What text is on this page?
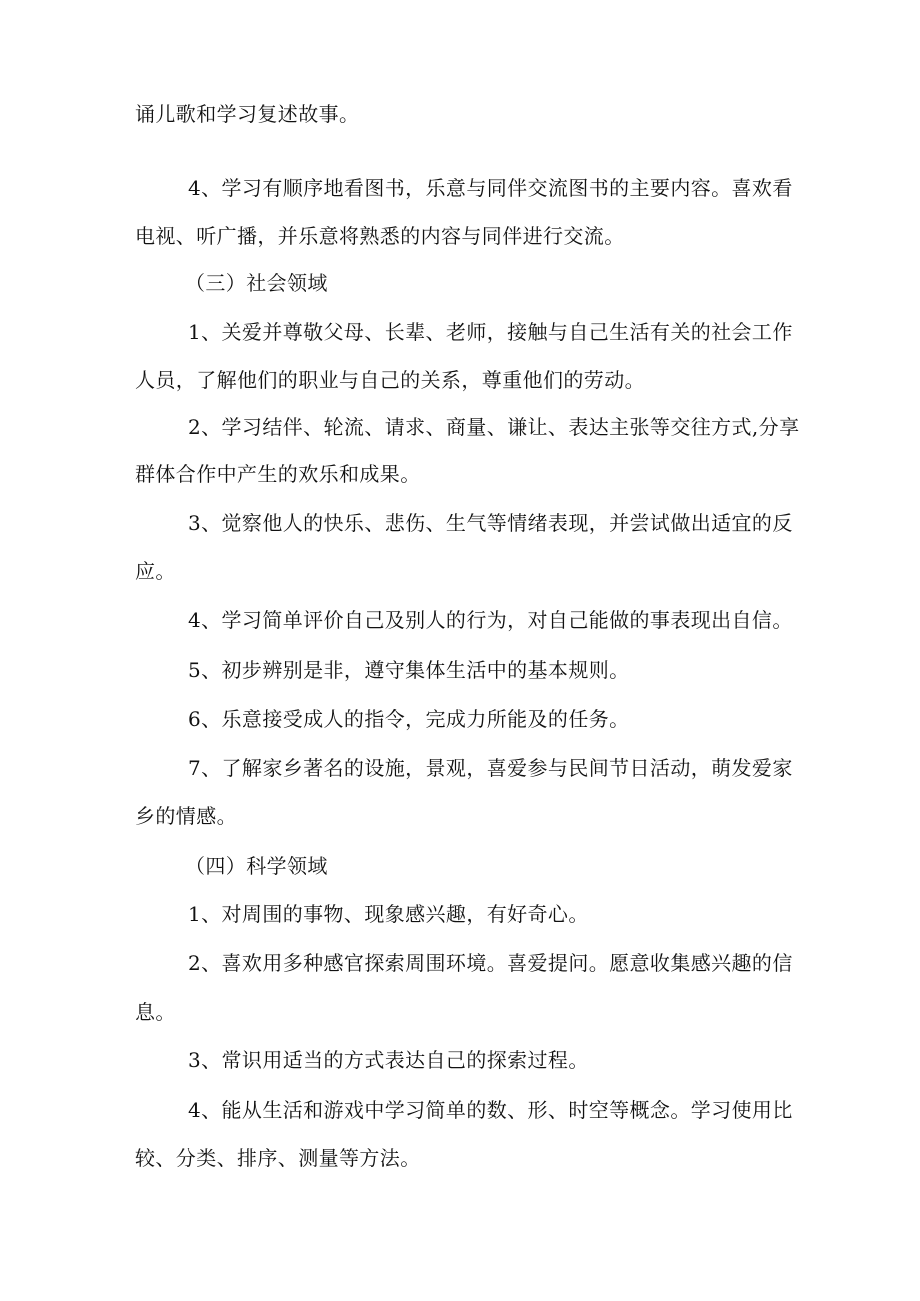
诵儿歌和学习复述故事。

4、学习有顺序地看图书，乐意与同伴交流图书的主要内容。喜欢看

电视、听广播，并乐意将熟悉的内容与同伴进行交流。

（三）社会领域

1、关爱并尊敬父母、长辈、老师，接触与自己生活有关的社会工作

人员，了解他们的职业与自己的关系，尊重他们的劳动。

2、学习结伴、轮流、请求、商量、谦让、表达主张等交往方式,分享

群体合作中产生的欢乐和成果。

3、觉察他人的快乐、悲伤、生气等情绪表现，并尝试做出适宜的反

应。

4、学习简单评价自己及别人的行为，对自己能做的事表现出自信。

5、初步辨别是非，遵守集体生活中的基本规则。

6、乐意接受成人的指令，完成力所能及的任务。

7、了解家乡著名的设施，景观，喜爱参与民间节日活动，萌发爱家

乡的情感。

（四）科学领域

1、对周围的事物、现象感兴趣，有好奇心。

2、喜欢用多种感官探索周围环境。喜爱提问。愿意收集感兴趣的信

息。

3、常识用适当的方式表达自己的探索过程。

4、能从生活和游戏中学习简单的数、形、时空等概念。学习使用比

较、分类、排序、测量等方法。
